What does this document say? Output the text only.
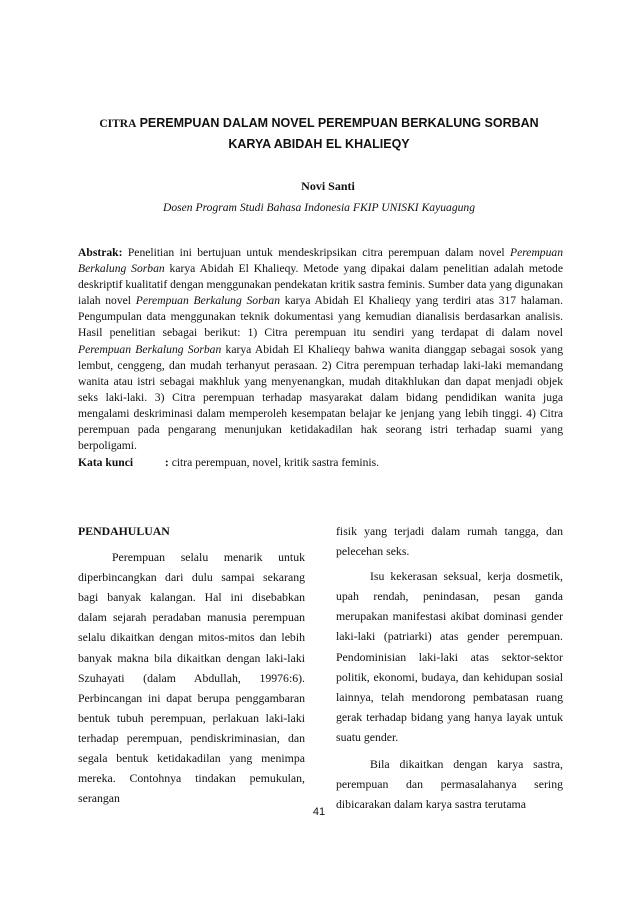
CITRA PEREMPUAN DALAM NOVEL PEREMPUAN BERKALUNG SORBAN
KARYA ABIDAH EL KHALIEQY
Novi Santi
Dosen Program Studi Bahasa Indonesia FKIP UNISKI Kayuagung

Abstrak: Penelitian ini bertujuan untuk mendeskripsikan citra perempuan dalam novel Perempuan Berkalung Sorban karya Abidah El Khalieqy. Metode yang dipakai dalam penelitian adalah metode deskriptif kualitatif dengan menggunakan pendekatan kritik sastra feminis. Sumber data yang digunakan ialah novel Perempuan Berkalung Sorban karya Abidah El Khalieqy yang terdiri atas 317 halaman. Pengumpulan data menggunakan teknik dokumentasi yang kemudian dianalisis berdasarkan analisis. Hasil penelitian sebagai berikut: 1) Citra perempuan itu sendiri yang terdapat di dalam novel Perempuan Berkalung Sorban karya Abidah El Khalieqy bahwa wanita dianggap sebagai sosok yang lembut, cenggeng, dan mudah terhanyut perasaan. 2) Citra perempuan terhadap laki-laki memandang wanita atau istri sebagai makhluk yang menyenangkan, mudah ditakhlukan dan dapat menjadi objek seks laki-laki. 3) Citra perempuan terhadap masyarakat dalam bidang pendidikan wanita juga mengalami deskriminasi dalam memperoleh kesempatan belajar ke jenjang yang lebih tinggi. 4) Citra perempuan pada pengarang menunjukan ketidakadilan hak seorang istri terhadap suami yang berpoligami.

Kata kunci	: citra perempuan, novel, kritik sastra feminis.
PENDAHULUAN

Perempuan selalu menarik untuk diperbincangkan dari dulu sampai sekarang bagi banyak kalangan. Hal ini disebabkan dalam sejarah peradaban manusia perempuan selalu dikaitkan dengan mitos-mitos dan lebih banyak makna bila dikaitkan dengan laki-laki Szuhayati (dalam Abdullah, 19976:6). Perbincangan ini dapat berupa penggambaran bentuk tubuh perempuan, perlakuan laki-laki terhadap perempuan, pendiskriminasian, dan segala bentuk ketidakadilan yang menimpa mereka. Contohnya tindakan pemukulan, serangan

fisik yang terjadi dalam rumah tangga, dan pelecehan seks.

Isu kekerasan seksual, kerja dosmetik, upah rendah, penindasan, pesan ganda merupakan manifestasi akibat dominasi gender laki-laki (patriarki) atas gender perempuan. Pendominisian laki-laki atas sektor-sektor politik, ekonomi, budaya, dan kehidupan sosial lainnya, telah mendorong pembatasan ruang gerak terhadap bidang yang hanya layak untuk suatu gender.

Bila dikaitkan dengan karya sastra, perempuan dan permasalahanya sering dibicarakan dalam karya sastra terutama

41
